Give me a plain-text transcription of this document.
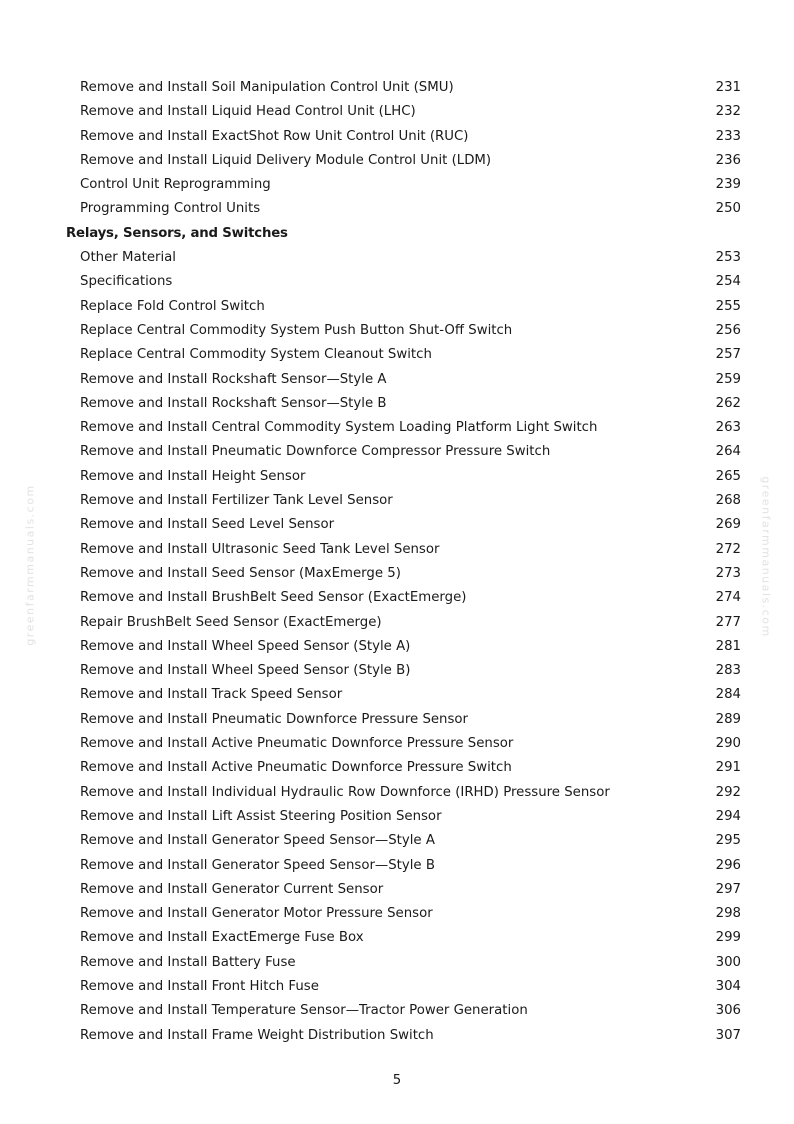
Remove and Install Soil Manipulation Control Unit (SMU)	231
Remove and Install Liquid Head Control Unit (LHC)	232
Remove and Install ExactShot Row Unit Control Unit (RUC)	233
Remove and Install Liquid Delivery Module Control Unit (LDM)	236
Control Unit Reprogramming	239
Programming Control Units	250
Relays, Sensors, and Switches
Other Material	253
Specifications	254
Replace Fold Control Switch	255
Replace Central Commodity System Push Button Shut-Off Switch	256
Replace Central Commodity System Cleanout Switch	257
Remove and Install Rockshaft Sensor—Style A	259
Remove and Install Rockshaft Sensor—Style B	262
Remove and Install Central Commodity System Loading Platform Light Switch	263
Remove and Install Pneumatic Downforce Compressor Pressure Switch	264
Remove and Install Height Sensor	265
Remove and Install Fertilizer Tank Level Sensor	268
Remove and Install Seed Level Sensor	269
Remove and Install Ultrasonic Seed Tank Level Sensor	272
Remove and Install Seed Sensor (MaxEmerge 5)	273
Remove and Install BrushBelt Seed Sensor (ExactEmerge)	274
Repair BrushBelt Seed Sensor (ExactEmerge)	277
Remove and Install Wheel Speed Sensor (Style A)	281
Remove and Install Wheel Speed Sensor (Style B)	283
Remove and Install Track Speed Sensor	284
Remove and Install Pneumatic Downforce Pressure Sensor	289
Remove and Install Active Pneumatic Downforce Pressure Sensor	290
Remove and Install Active Pneumatic Downforce Pressure Switch	291
Remove and Install Individual Hydraulic Row Downforce (IRHD) Pressure Sensor	292
Remove and Install Lift Assist Steering Position Sensor	294
Remove and Install Generator Speed Sensor—Style A	295
Remove and Install Generator Speed Sensor—Style B	296
Remove and Install Generator Current Sensor	297
Remove and Install Generator Motor Pressure Sensor	298
Remove and Install ExactEmerge Fuse Box	299
Remove and Install Battery Fuse	300
Remove and Install Front Hitch Fuse	304
Remove and Install Temperature Sensor—Tractor Power Generation	306
Remove and Install Frame Weight Distribution Switch	307
5
greenfarmmanuals.com	greenfarmmanuals.com
